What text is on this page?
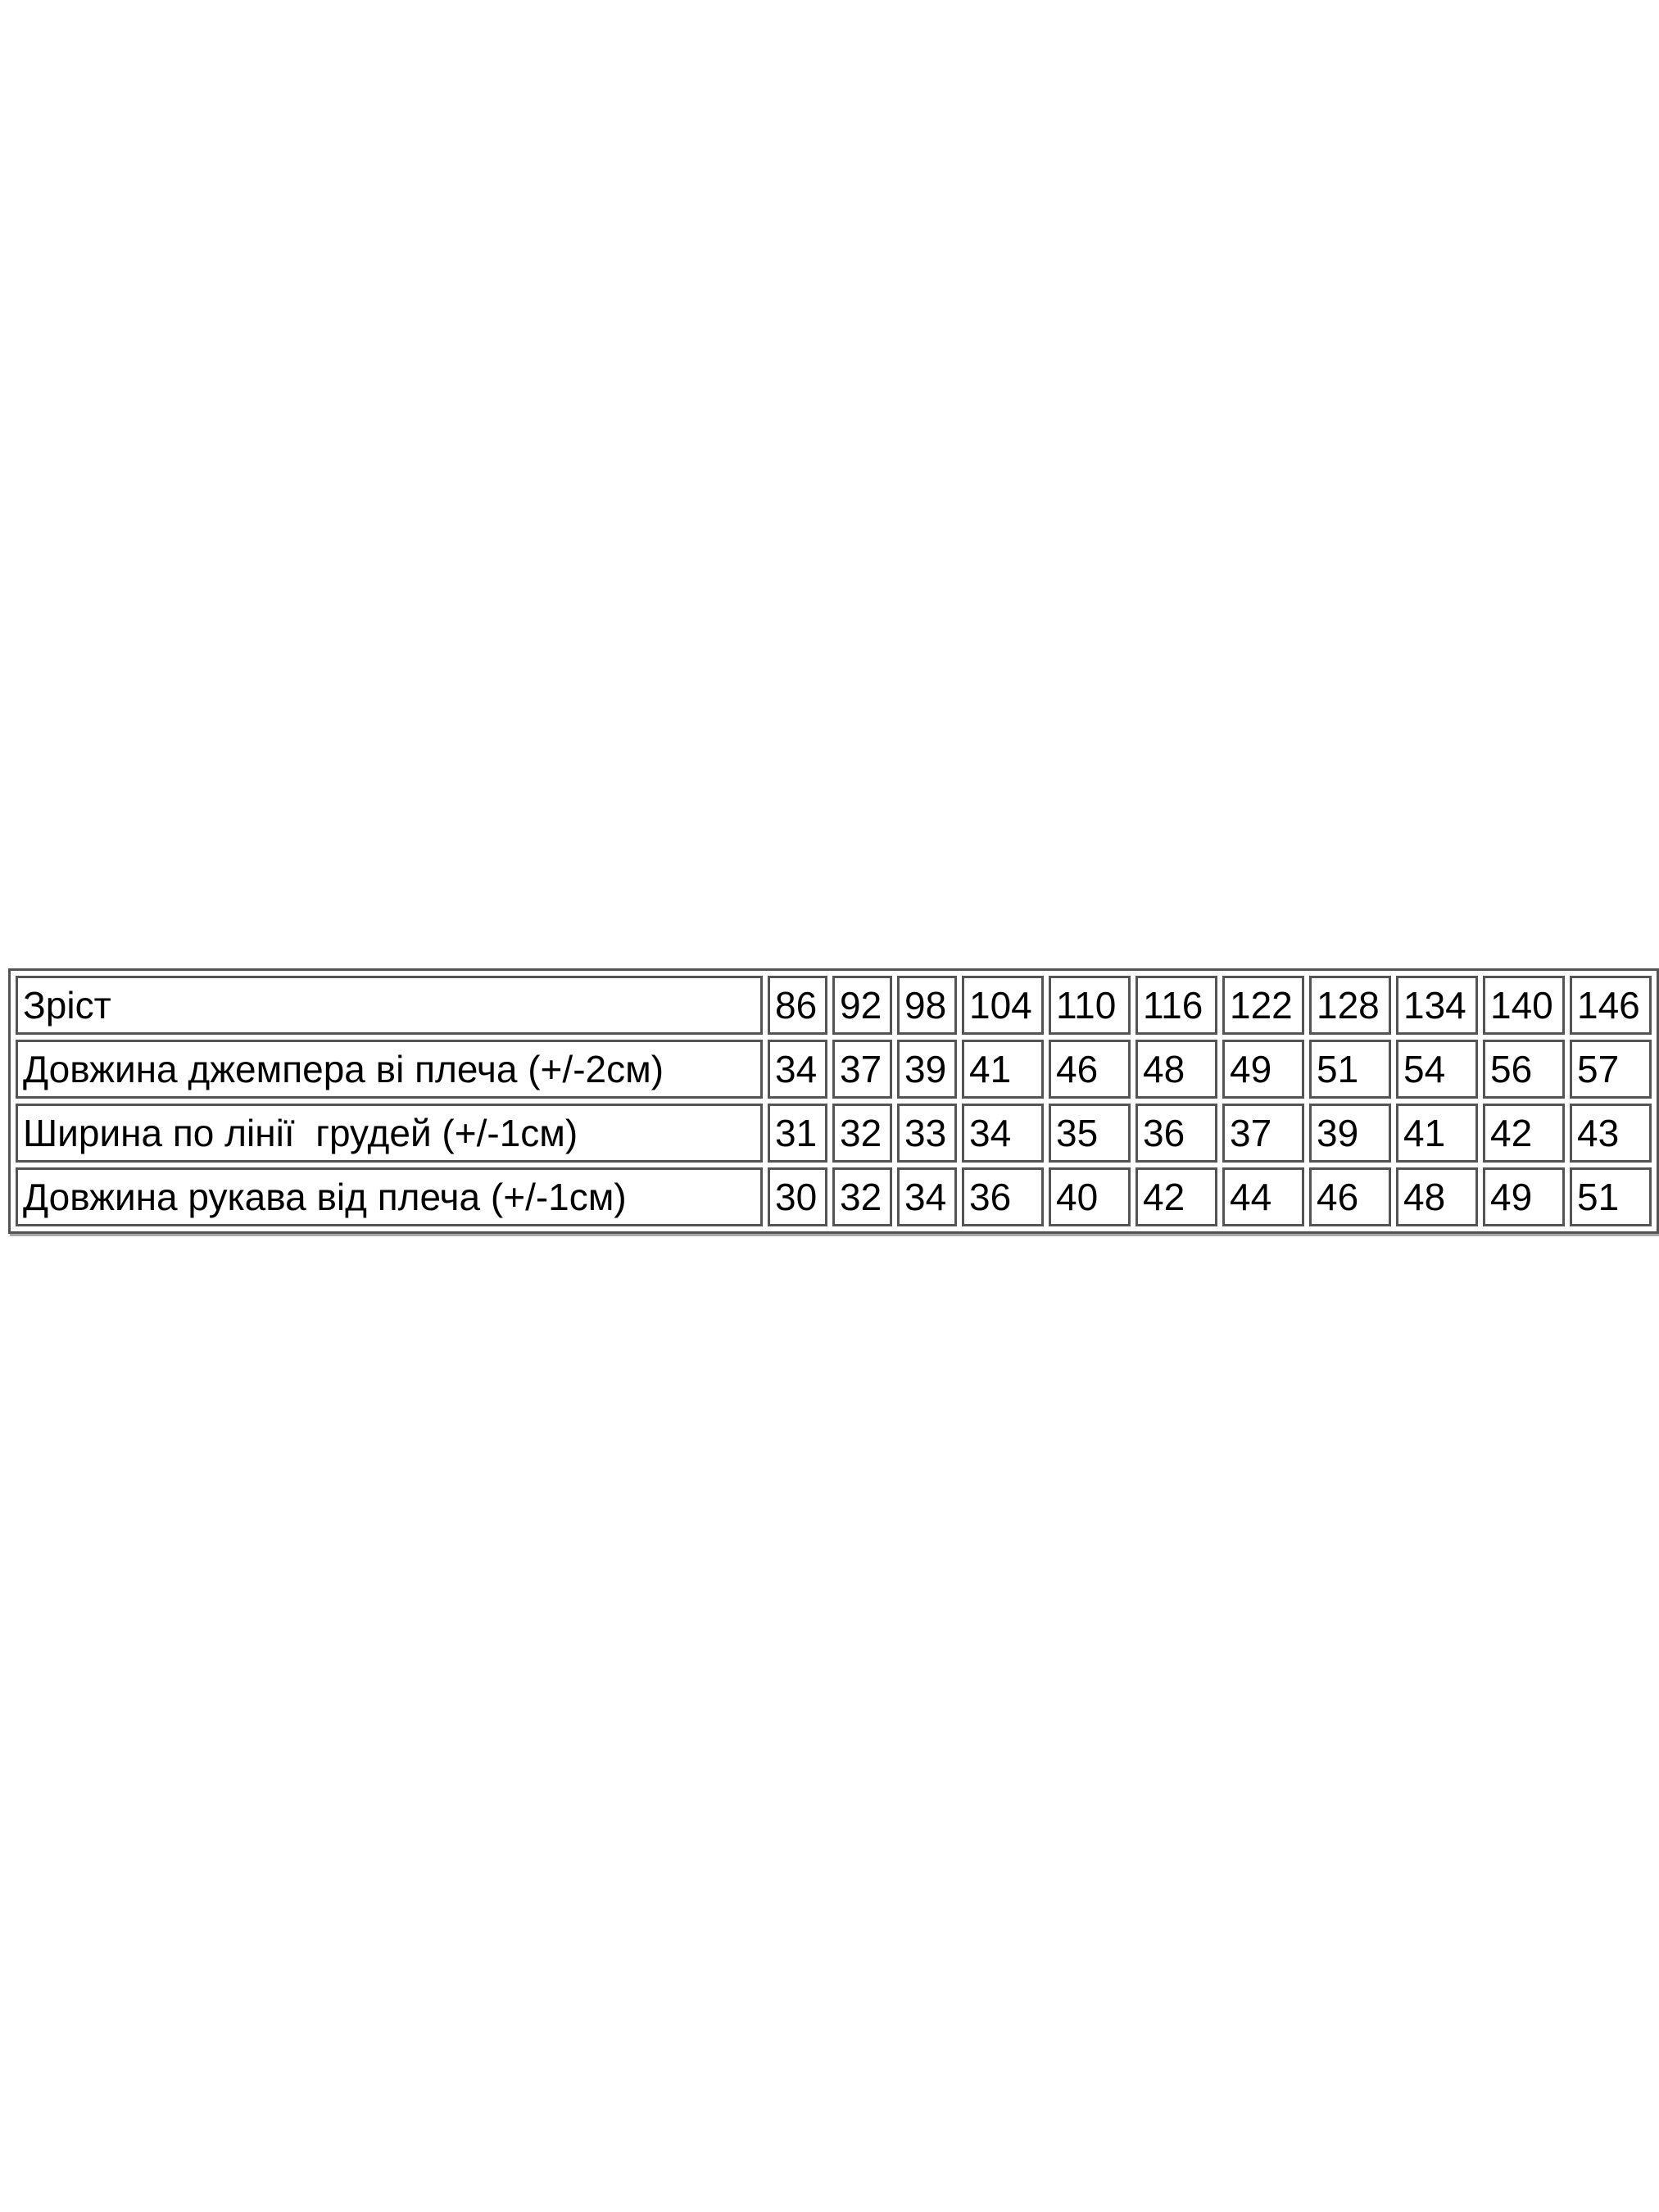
Зріст	86	92	98	104	110	116	122	128	134	140	146
Довжина джемпера ві плеча (+/-2см)	34	37	39	41	46	48	49	51	54	56	57
Ширина по лінії  грудей (+/-1см)	31	32	33	34	35	36	37	39	41	42	43
Довжина рукава від плеча (+/-1см)	30	32	34	36	40	42	44	46	48	49	51
